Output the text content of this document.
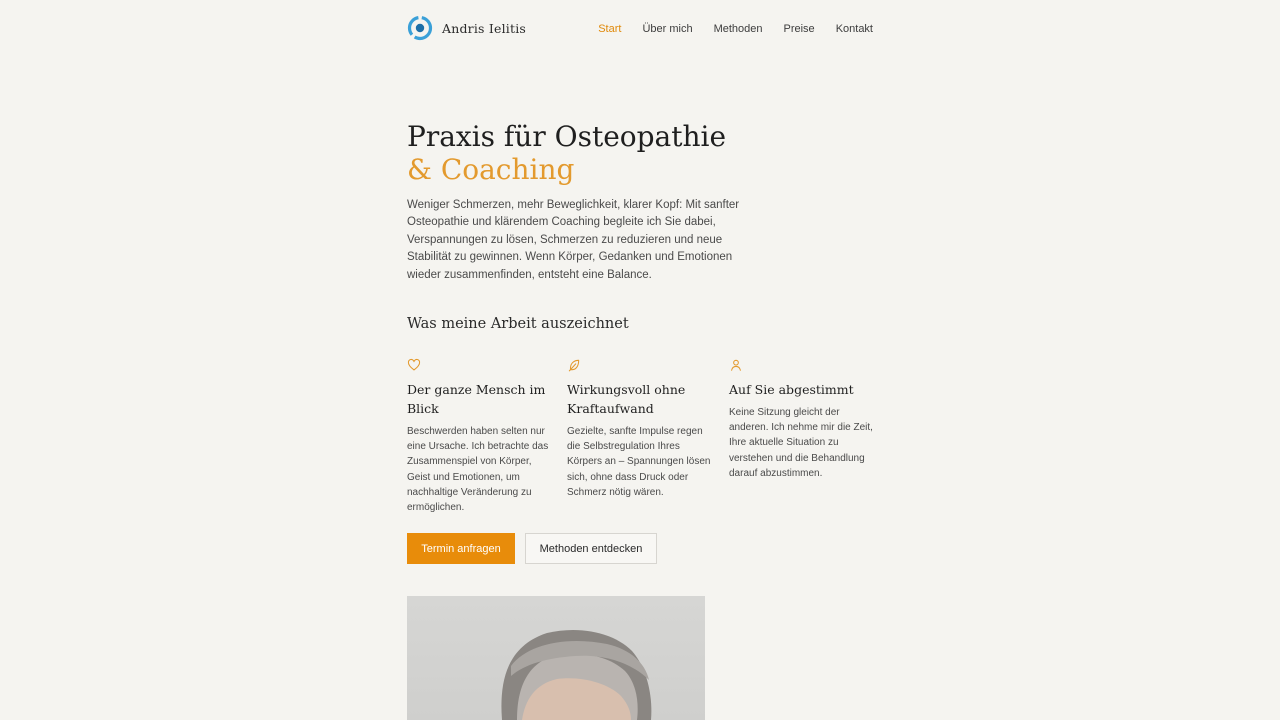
Andris Ielitis	Start Über mich Methoden Preise Kontakt
Praxis für Osteopathie
& Coaching

Weniger Schmerzen, mehr Beweglichkeit, klarer Kopf: Mit sanfter Osteopathie und klärendem Coaching begleite ich Sie dabei, Verspannungen zu lösen, Schmerzen zu reduzieren und neue Stabilität zu gewinnen. Wenn Körper, Gedanken und Emotionen wieder zusammenfinden, entsteht eine Balance.

Was meine Arbeit auszeichnet
Der ganze Mensch im Blick

Beschwerden haben selten nur eine Ursache. Ich betrachte das Zusammenspiel von Körper, Geist und Emotionen, um nachhaltige Veränderung zu ermöglichen.

Wirkungsvoll ohne Kraftaufwand

Gezielte, sanfte Impulse regen die Selbstregulation Ihres Körpers an – Spannungen lösen sich, ohne dass Druck oder Schmerz nötig wären.

Auf Sie abgestimmt

Keine Sitzung gleicht der anderen. Ich nehme mir die Zeit, Ihre aktuelle Situation zu verstehen und die Behandlung darauf abzustimmen.

Termin anfragen	Methoden entdecken
